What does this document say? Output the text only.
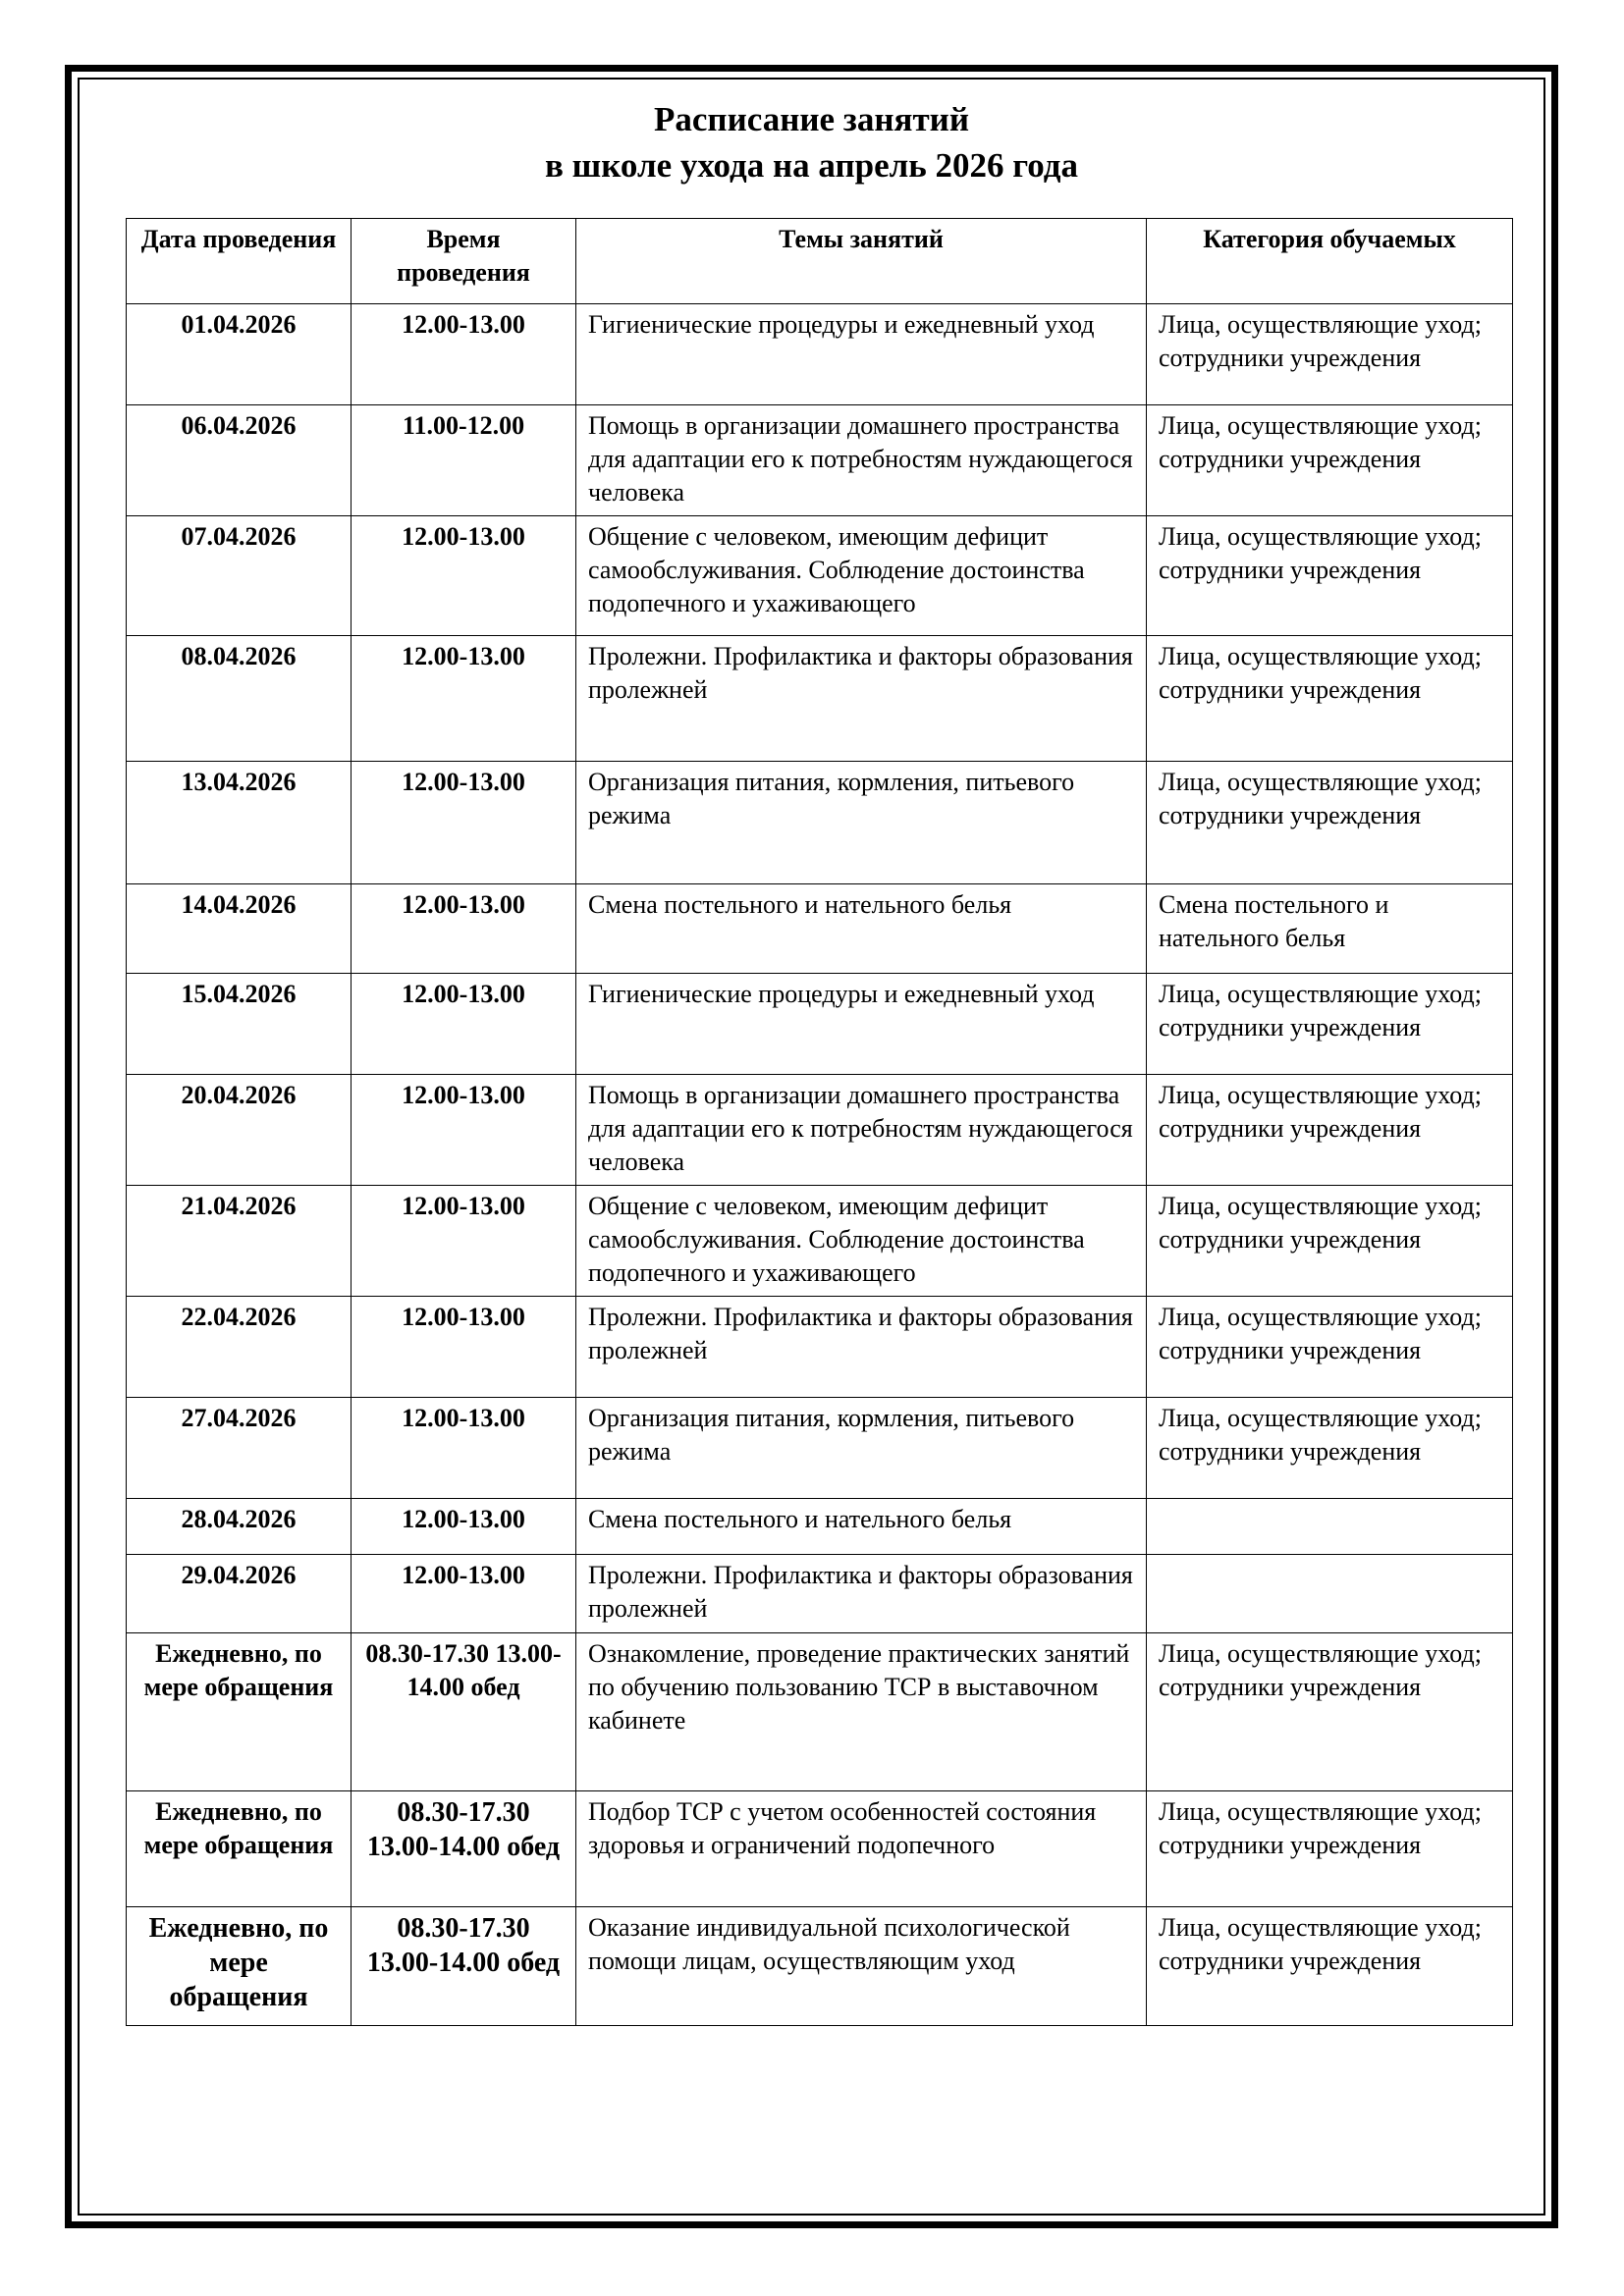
Расписание занятий
в школе ухода на апрель 2026 года
Дата проведения	Время проведения	Темы занятий	Категория обучаемых
01.04.2026	12.00-13.00	Гигиенические процедуры и ежедневный уход	Лица, осуществляющие уход; сотрудники учреждения
06.04.2026	11.00-12.00	Помощь в организации домашнего пространства для адаптации его к потребностям нуждающегося человека	Лица, осуществляющие уход; сотрудники учреждения
07.04.2026	12.00-13.00	Общение с человеком, имеющим дефицит самообслуживания. Соблюдение достоинства подопечного и ухаживающего	Лица, осуществляющие уход; сотрудники учреждения
08.04.2026	12.00-13.00	Пролежни. Профилактика и факторы образования пролежней	Лица, осуществляющие уход; сотрудники учреждения
13.04.2026	12.00-13.00	Организация питания, кормления, питьевого режима	Лица, осуществляющие уход; сотрудники учреждения
14.04.2026	12.00-13.00	Смена постельного и нательного белья	Смена постельного и нательного белья
15.04.2026	12.00-13.00	Гигиенические процедуры и ежедневный уход	Лица, осуществляющие уход; сотрудники учреждения
20.04.2026	12.00-13.00	Помощь в организации домашнего пространства для адаптации его к потребностям нуждающегося человека	Лица, осуществляющие уход; сотрудники учреждения
21.04.2026	12.00-13.00	Общение с человеком, имеющим дефицит самообслуживания. Соблюдение достоинства подопечного и ухаживающего	Лица, осуществляющие уход; сотрудники учреждения
22.04.2026	12.00-13.00	Пролежни. Профилактика и факторы образования пролежней	Лица, осуществляющие уход; сотрудники учреждения
27.04.2026	12.00-13.00	Организация питания, кормления, питьевого режима	Лица, осуществляющие уход; сотрудники учреждения
28.04.2026	12.00-13.00	Смена постельного и нательного белья	
29.04.2026	12.00-13.00	Пролежни. Профилактика и факторы образования пролежней	
Ежедневно, по мере обращения	08.30-17.30 13.00-14.00 обед	Ознакомление, проведение практических занятий по обучению пользованию ТСР в выставочном кабинете	Лица, осуществляющие уход; сотрудники учреждения
Ежедневно, по мере обращения	08.30-17.30 13.00-14.00 обед	Подбор ТСР с учетом особенностей состояния здоровья и ограничений подопечного	Лица, осуществляющие уход; сотрудники учреждения
Ежедневно, по мере обращения	08.30-17.30 13.00-14.00 обед	Оказание индивидуальной психологической помощи лицам, осуществляющим уход	Лица, осуществляющие уход; сотрудники учреждения
